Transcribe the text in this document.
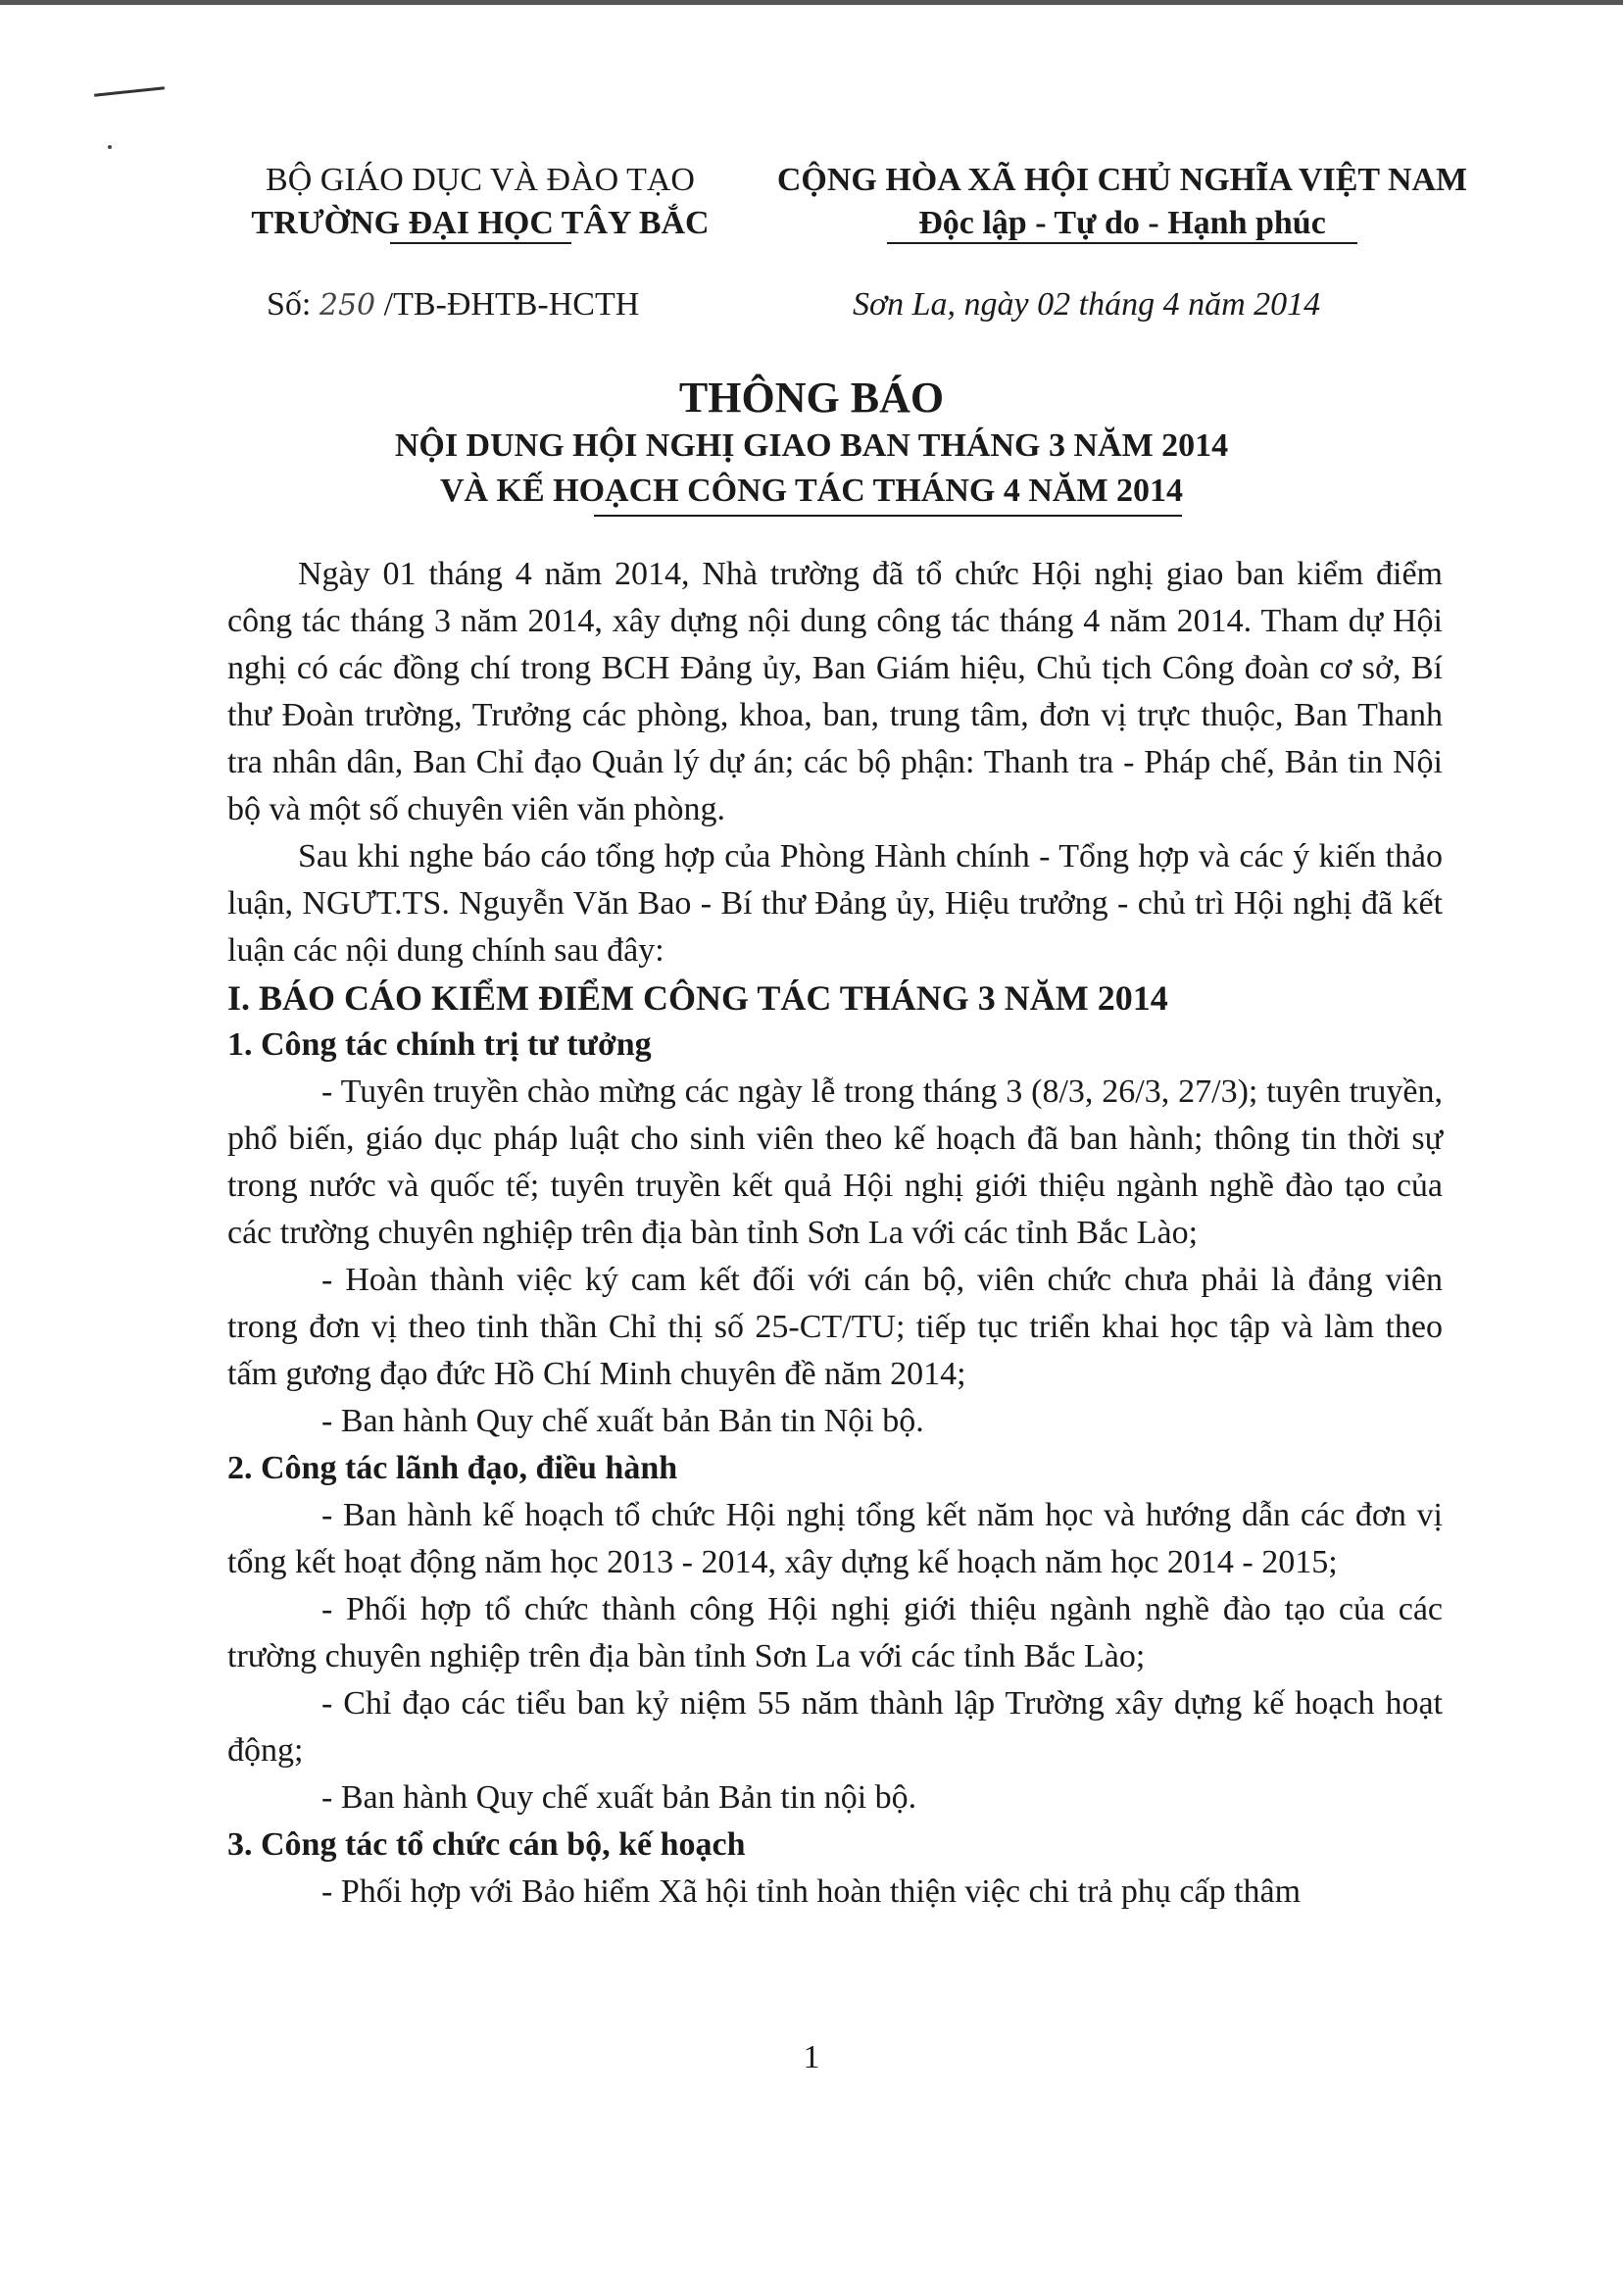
BỘ GIÁO DỤC VÀ ĐÀO TẠO
TRƯỜNG ĐẠI HỌC TÂY BẮC
CỘNG HÒA XÃ HỘI CHỦ NGHĨA VIỆT NAM
Độc lập - Tự do - Hạnh phúc
Số: 250 /TB-ĐHTB-HCTH	Sơn La, ngày 02 tháng 4 năm 2014
THÔNG BÁO
NỘI DUNG HỘI NGHỊ GIAO BAN THÁNG 3 NĂM 2014
VÀ KẾ HOẠCH CÔNG TÁC THÁNG 4 NĂM 2014

Ngày 01 tháng 4 năm 2014, Nhà trường đã tổ chức Hội nghị giao ban kiểm điểm công tác tháng 3 năm 2014, xây dựng nội dung công tác tháng 4 năm 2014. Tham dự Hội nghị có các đồng chí trong BCH Đảng ủy, Ban Giám hiệu, Chủ tịch Công đoàn cơ sở, Bí thư Đoàn trường, Trưởng các phòng, khoa, ban, trung tâm, đơn vị trực thuộc, Ban Thanh tra nhân dân, Ban Chỉ đạo Quản lý dự án; các bộ phận: Thanh tra - Pháp chế, Bản tin Nội bộ và một số chuyên viên văn phòng.

Sau khi nghe báo cáo tổng hợp của Phòng Hành chính - Tổng hợp và các ý kiến thảo luận, NGƯT.TS. Nguyễn Văn Bao - Bí thư Đảng ủy, Hiệu trưởng - chủ trì Hội nghị đã kết luận các nội dung chính sau đây:

I. BÁO CÁO KIỂM ĐIỂM CÔNG TÁC THÁNG 3 NĂM 2014

1. Công tác chính trị tư tưởng

- Tuyên truyền chào mừng các ngày lễ trong tháng 3 (8/3, 26/3, 27/3); tuyên truyền, phổ biến, giáo dục pháp luật cho sinh viên theo kế hoạch đã ban hành; thông tin thời sự trong nước và quốc tế; tuyên truyền kết quả Hội nghị giới thiệu ngành nghề đào tạo của các trường chuyên nghiệp trên địa bàn tỉnh Sơn La với các tỉnh Bắc Lào;

- Hoàn thành việc ký cam kết đối với cán bộ, viên chức chưa phải là đảng viên trong đơn vị theo tinh thần Chỉ thị số 25-CT/TU; tiếp tục triển khai học tập và làm theo tấm gương đạo đức Hồ Chí Minh chuyên đề năm 2014;

- Ban hành Quy chế xuất bản Bản tin Nội bộ.

2. Công tác lãnh đạo, điều hành

- Ban hành kế hoạch tổ chức Hội nghị tổng kết năm học và hướng dẫn các đơn vị tổng kết hoạt động năm học 2013 - 2014, xây dựng kế hoạch năm học 2014 - 2015;

- Phối hợp tổ chức thành công Hội nghị giới thiệu ngành nghề đào tạo của các trường chuyên nghiệp trên địa bàn tỉnh Sơn La với các tỉnh Bắc Lào;

- Chỉ đạo các tiểu ban kỷ niệm 55 năm thành lập Trường xây dựng kế hoạch hoạt động;

- Ban hành Quy chế xuất bản Bản tin nội bộ.

3. Công tác tổ chức cán bộ, kế hoạch

- Phối hợp với Bảo hiểm Xã hội tỉnh hoàn thiện việc chi trả phụ cấp thâm

1
